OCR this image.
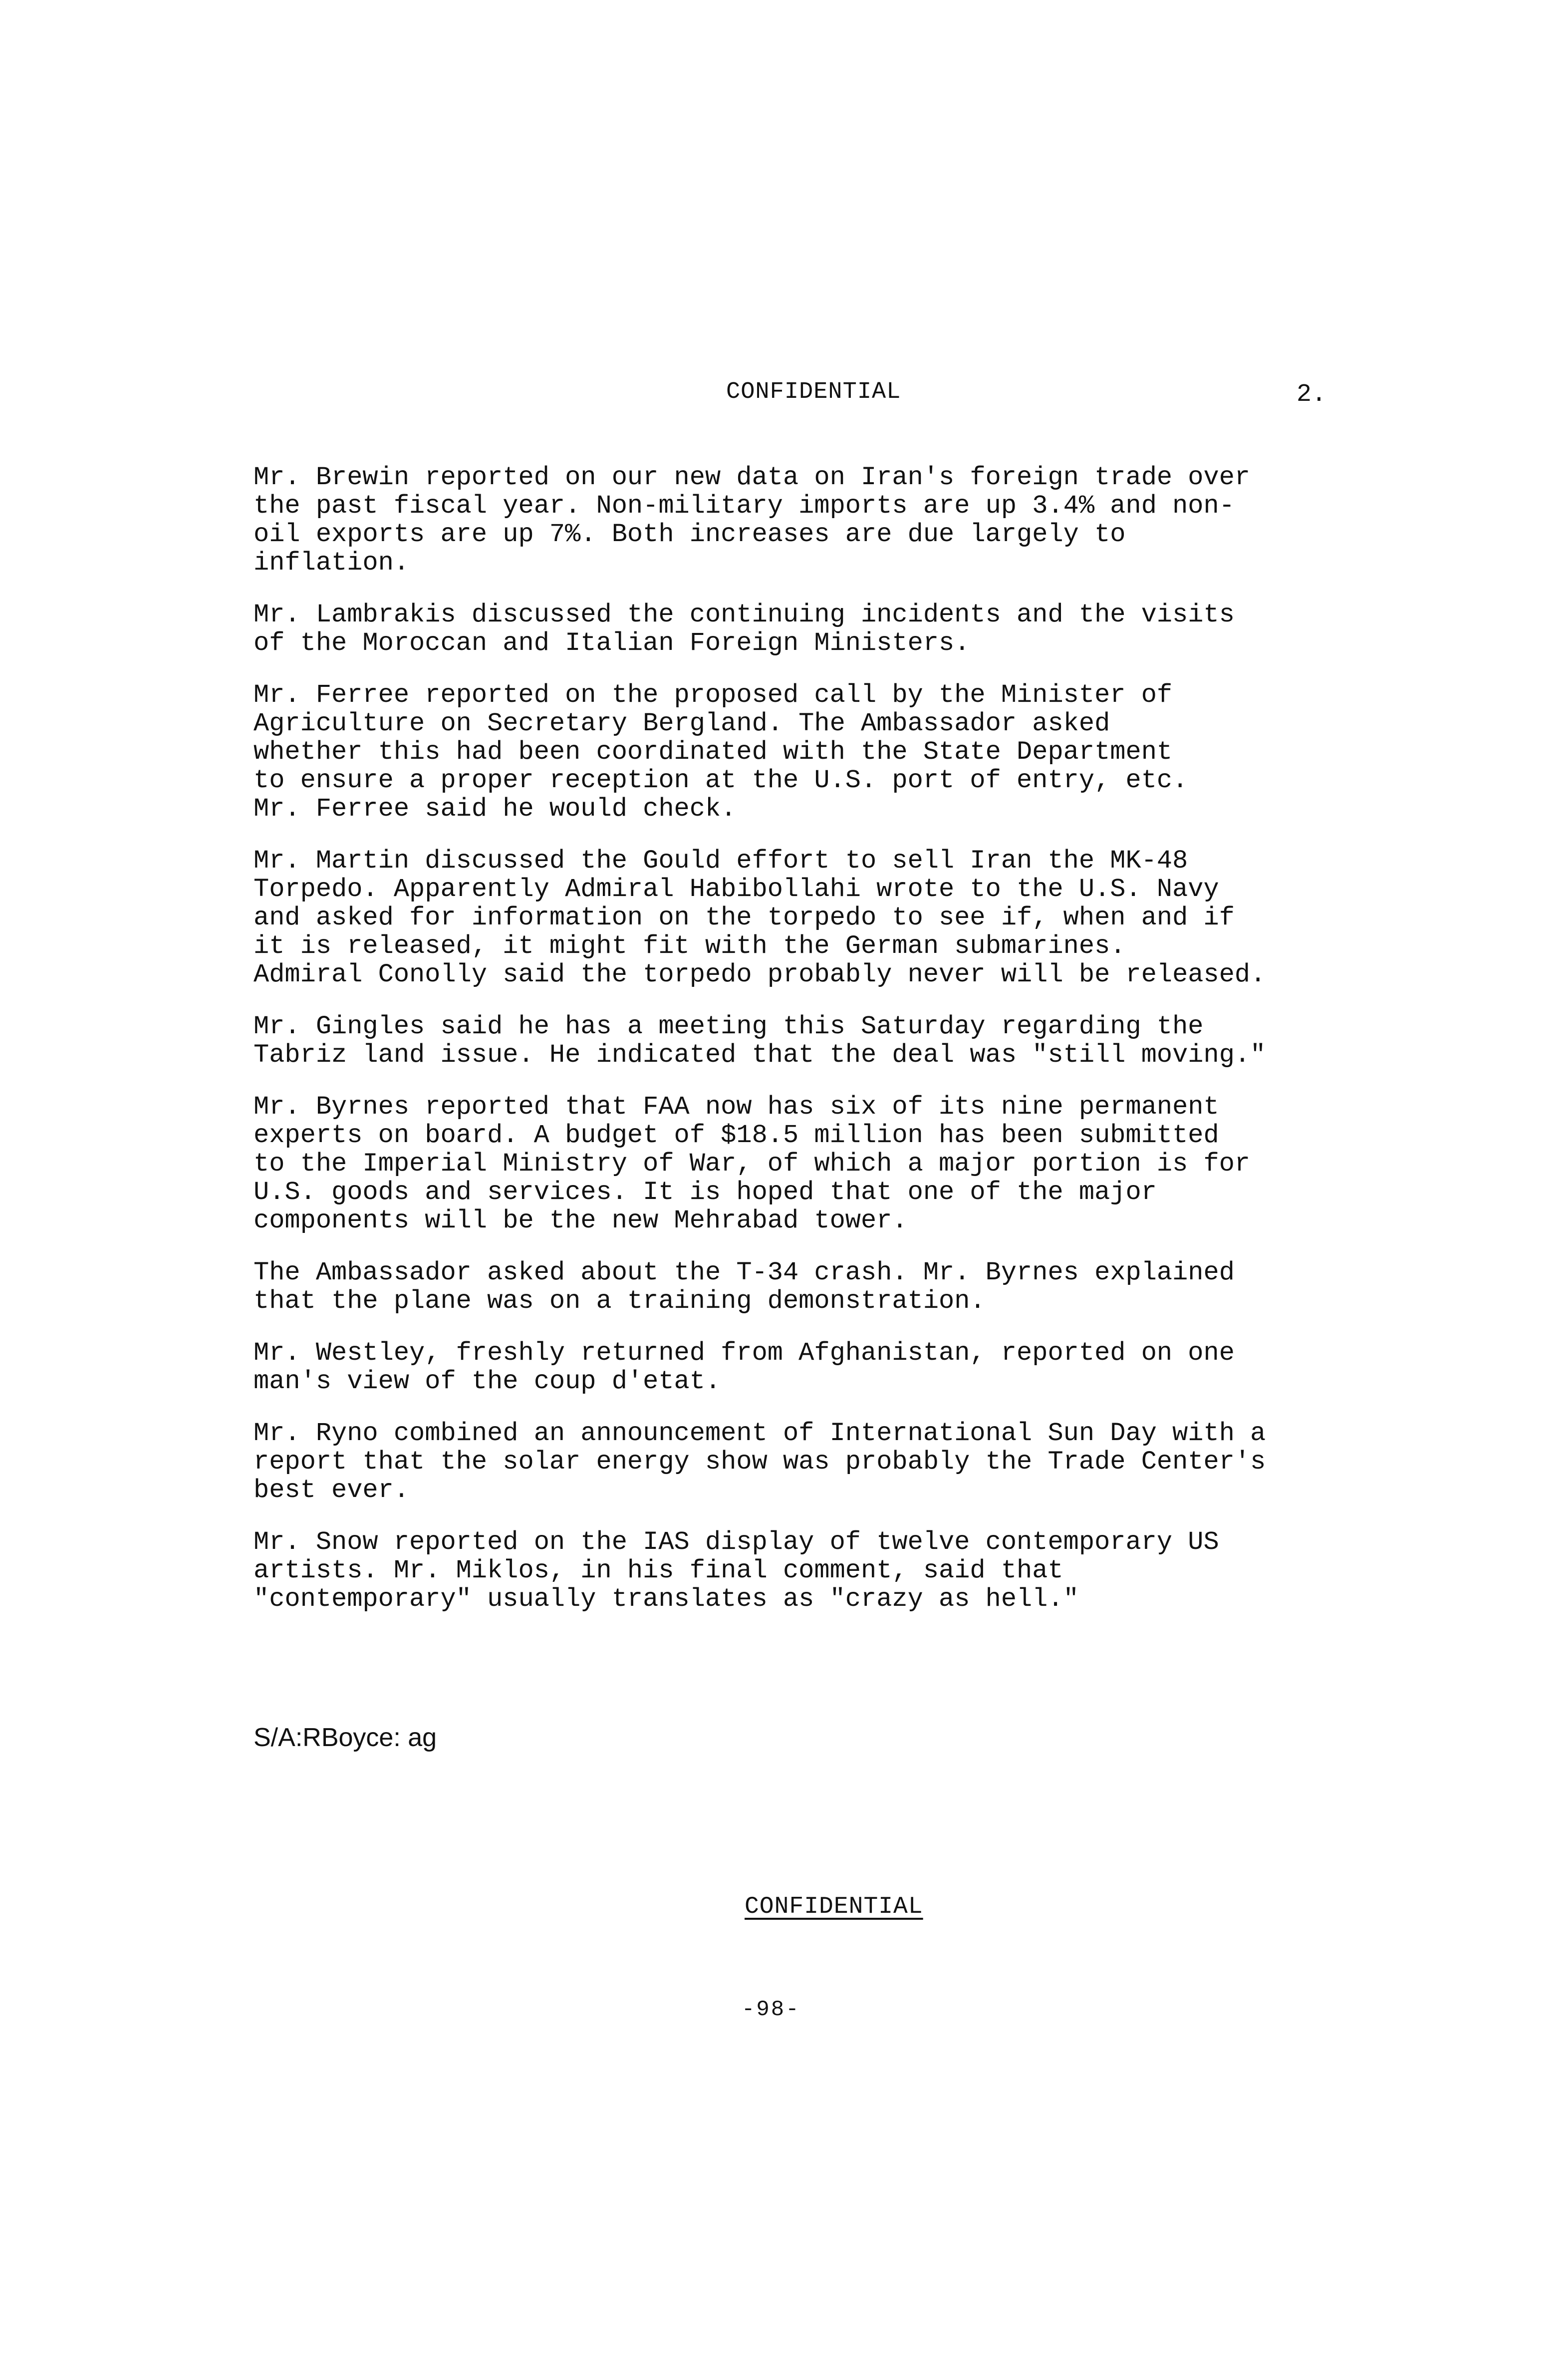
CONFIDENTIAL	2.

Mr. Brewin reported on our new data on Iran's foreign trade over
the past fiscal year. Non-military imports are up 3.4% and non-
oil exports are up 7%. Both increases are due largely to
inflation.

Mr. Lambrakis discussed the continuing incidents and the visits
of the Moroccan and Italian Foreign Ministers.

Mr. Ferree reported on the proposed call by the Minister of
Agriculture on Secretary Bergland. The Ambassador asked
whether this had been coordinated with the State Department
to ensure a proper reception at the U.S. port of entry, etc.
Mr. Ferree said he would check.

Mr. Martin discussed the Gould effort to sell Iran the MK-48
Torpedo. Apparently Admiral Habibollahi wrote to the U.S. Navy
and asked for information on the torpedo to see if, when and if
it is released, it might fit with the German submarines.
Admiral Conolly said the torpedo probably never will be released.

Mr. Gingles said he has a meeting this Saturday regarding the
Tabriz land issue. He indicated that the deal was "still moving."

Mr. Byrnes reported that FAA now has six of its nine permanent
experts on board. A budget of $18.5 million has been submitted
to the Imperial Ministry of War, of which a major portion is for
U.S. goods and services. It is hoped that one of the major
components will be the new Mehrabad tower.

The Ambassador asked about the T-34 crash. Mr. Byrnes explained
that the plane was on a training demonstration.

Mr. Westley, freshly returned from Afghanistan, reported on one
man's view of the coup d'etat.

Mr. Ryno combined an announcement of International Sun Day with a
report that the solar energy show was probably the Trade Center's
best ever.

Mr. Snow reported on the IAS display of twelve contemporary US
artists. Mr. Miklos, in his final comment, said that
"contemporary" usually translates as "crazy as hell."

S/A:RBoyce: ag
CONFIDENTIAL
-98-
